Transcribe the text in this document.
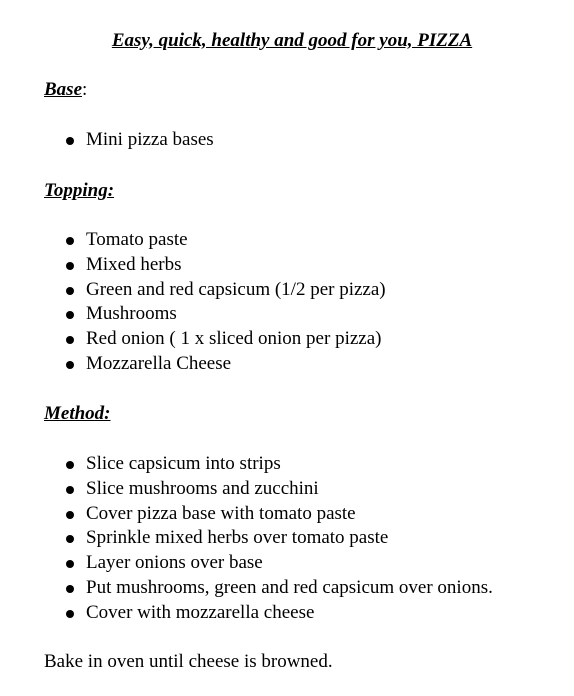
Easy, quick, healthy and good for you, PIZZA
Base:
Mini pizza bases
Topping:
Tomato paste
Mixed herbs
Green and red capsicum (1/2 per pizza)
Mushrooms
Red onion ( 1 x sliced onion per pizza)
Mozzarella Cheese
Method:
Slice capsicum into strips
Slice mushrooms and zucchini
Cover pizza base with tomato paste
Sprinkle mixed herbs over tomato paste
Layer onions over base
Put mushrooms, green and red capsicum over onions.
Cover with mozzarella cheese
Bake in oven until cheese is browned.
